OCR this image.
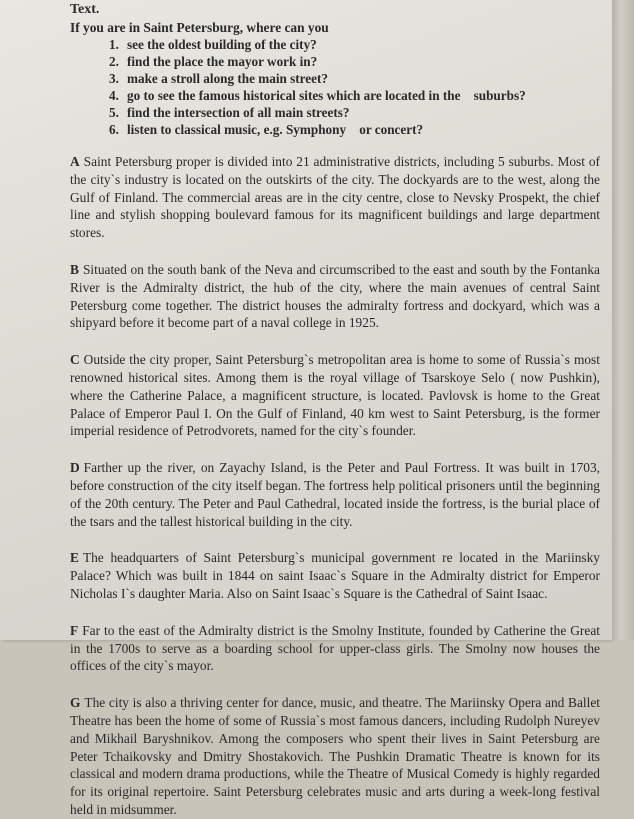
Text.

If you are in Saint Petersburg, where can you

1. see the oldest building of the city?
2. find the place the mayor work in?
3. make a stroll along the main street?
4. go to see the famous historical sites which are located in the    suburbs?
5. find the intersection of all main streets?
6. listen to classical music, e.g. Symphony    or concert?

A Saint Petersburg proper is divided into 21 administrative districts, including 5 suburbs. Most of the city`s industry is located on the outskirts of the city. The dockyards are to the west, along the Gulf of Finland. The commercial areas are in the city centre, close to Nevsky Prospekt, the chief line and stylish shopping boulevard famous for its magnificent buildings and large department stores.

B Situated on the south bank of the Neva and circumscribed to the east and south by the Fontanka River is the Admiralty district, the hub of the city, where the main avenues of central Saint Petersburg come together. The district houses the admiralty fortress and dockyard, which was a shipyard before it become part of a naval college in 1925.

C Outside the city proper, Saint Petersburg`s metropolitan area is home to some of Russia`s most renowned historical sites. Among them is the royal village of Tsarskoye Selo ( now Pushkin), where the Catherine Palace, a magnificent structure, is located. Pavlovsk is home to the Great Palace of Emperor Paul I. On the Gulf of Finland, 40 km west to Saint Petersburg, is the former imperial residence of Petrodvorets, named for the city`s founder.

D Farther up the river, on Zayachy Island, is the Peter and Paul Fortress. It was built in 1703, before construction of the city itself began. The fortress help political prisoners until the beginning of the 20th century. The Peter and Paul Cathedral, located inside the fortress, is the burial place of the tsars and the tallest historical building in the city.

E The headquarters of Saint Petersburg`s municipal government re located in the Mariinsky Palace? Which was built in 1844 on saint Isaac`s Square in the Admiralty district for Emperor Nicholas I`s daughter Maria. Also on Saint Isaac`s Square is the Cathedral of Saint Isaac.

F Far to the east of the Admiralty district is the Smolny Institute, founded by Catherine the Great in the 1700s to serve as a boarding school for upper-class girls. The Smolny now houses the offices of the city`s mayor.

G The city is also a thriving center for dance, music, and theatre. The Mariinsky Opera and Ballet Theatre has been the home of some of Russia`s most famous dancers, including Rudolph Nureyev and Mikhail Baryshnikov. Among the composers who spent their lives in Saint Petersburg are Peter Tchaikovsky and Dmitry Shostakovich. The Pushkin Dramatic Theatre is known for its classical and modern drama productions, while the Theatre of Musical Comedy is highly regarded for its original repertoire. Saint Petersburg celebrates music and arts during a week-long festival held in midsummer.
